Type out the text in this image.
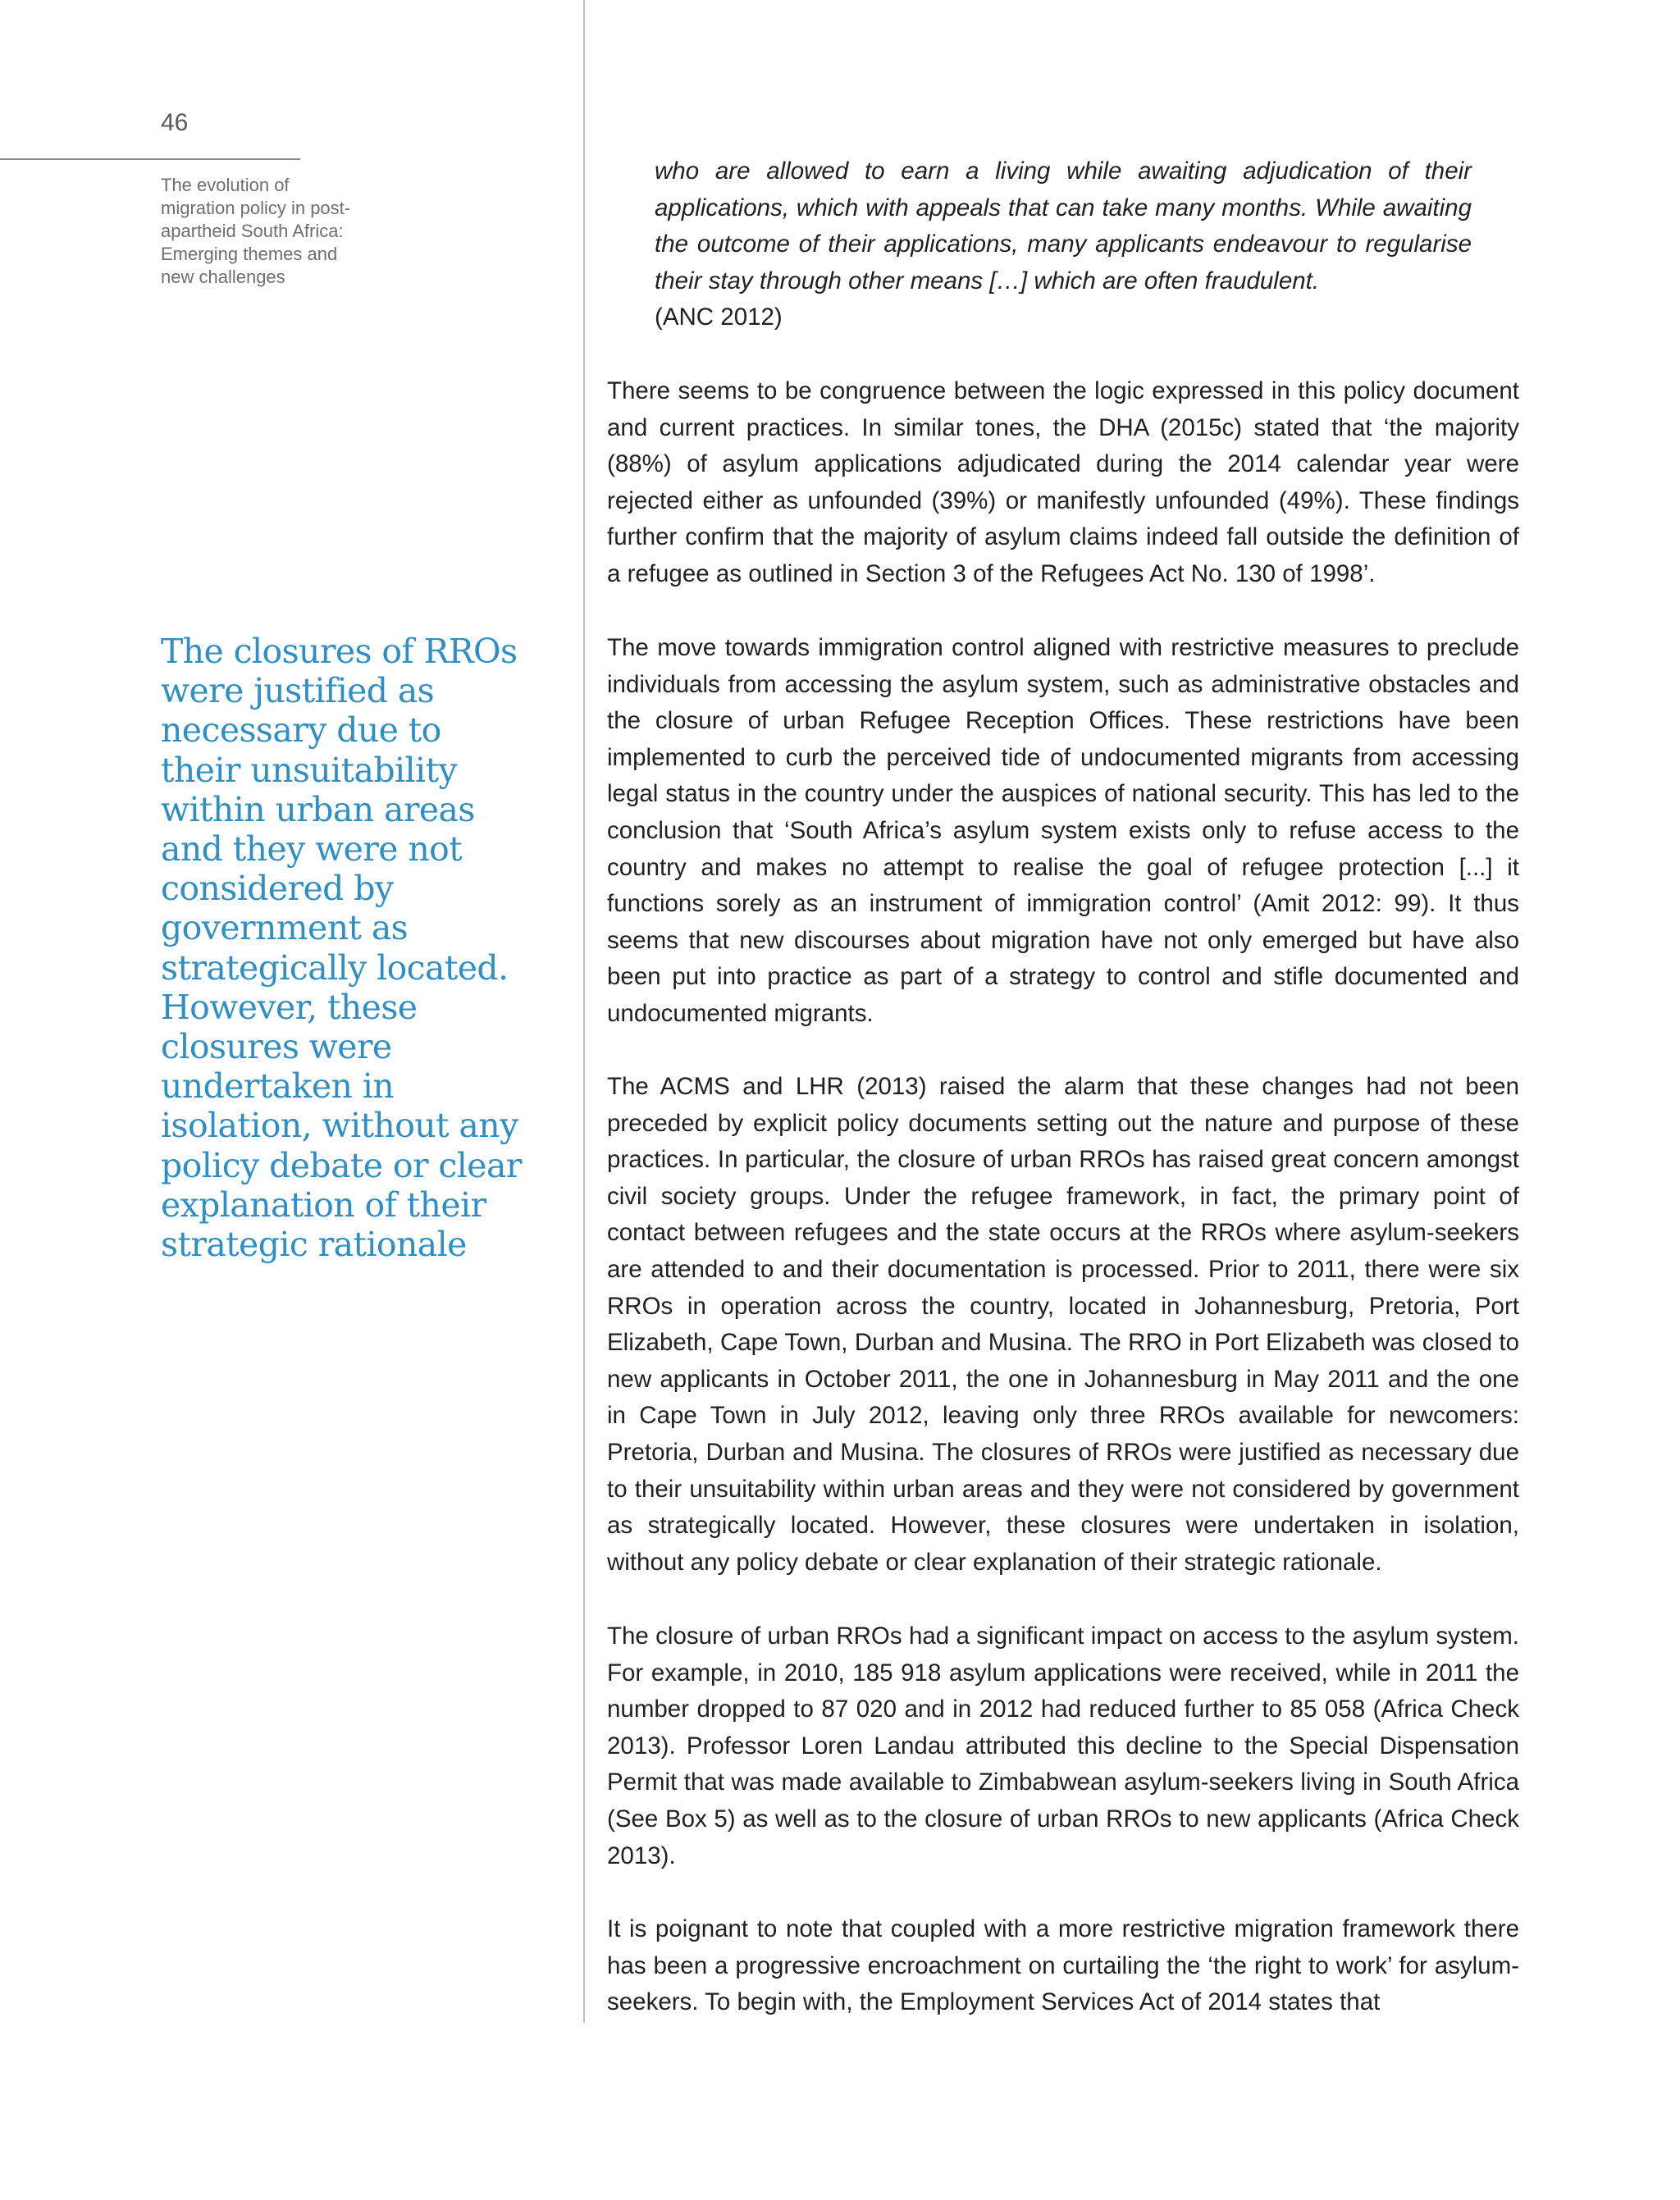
46
The evolution of migration policy in post-apartheid South Africa: Emerging themes and new challenges
The closures of RROs were justified as necessary due to their unsuitability within urban areas and they were not considered by government as strategically located. However, these closures were undertaken in isolation, without any policy debate or clear explanation of their strategic rationale
who are allowed to earn a living while awaiting adjudication of their applications, which with appeals that can take many months. While awaiting the outcome of their applications, many applicants endeavour to regularise their stay through other means […] which are often fraudulent.
(ANC 2012)

There seems to be congruence between the logic expressed in this policy document and current practices. In similar tones, the DHA (2015c) stated that ‘the majority (88%) of asylum applications adjudicated during the 2014 calendar year were rejected either as unfounded (39%) or manifestly unfounded (49%). These findings further confirm that the majority of asylum claims indeed fall outside the definition of a refugee as outlined in Section 3 of the Refugees Act No. 130 of 1998’.

The move towards immigration control aligned with restrictive measures to preclude individuals from accessing the asylum system, such as administrative obstacles and the closure of urban Refugee Reception Offices. These restrictions have been implemented to curb the perceived tide of undocumented migrants from accessing legal status in the country under the auspices of national security. This has led to the conclusion that ‘South Africa’s asylum system exists only to refuse access to the country and makes no attempt to realise the goal of refugee protection [...] it functions sorely as an instrument of immigration control’ (Amit 2012: 99). It thus seems that new discourses about migration have not only emerged but have also been put into practice as part of a strategy to control and stifle documented and undocumented migrants.

The ACMS and LHR (2013) raised the alarm that these changes had not been preceded by explicit policy documents setting out the nature and purpose of these practices. In particular, the closure of urban RROs has raised great concern amongst civil society groups. Under the refugee framework, in fact, the primary point of contact between refugees and the state occurs at the RROs where asylum-seekers are attended to and their documentation is processed. Prior to 2011, there were six RROs in operation across the country, located in Johannesburg, Pretoria, Port Elizabeth, Cape Town, Durban and Musina. The RRO in Port Elizabeth was closed to new applicants in October 2011, the one in Johannesburg in May 2011 and the one in Cape Town in July 2012, leaving only three RROs available for newcomers: Pretoria, Durban and Musina. The closures of RROs were justified as necessary due to their unsuitability within urban areas and they were not considered by government as strategically located. However, these closures were undertaken in isolation, without any policy debate or clear explanation of their strategic rationale.

The closure of urban RROs had a significant impact on access to the asylum system. For example, in 2010, 185 918 asylum applications were received, while in 2011 the number dropped to 87 020 and in 2012 had reduced further to 85 058 (Africa Check 2013). Professor Loren Landau attributed this decline to the Special Dispensation Permit that was made available to Zimbabwean asylum-seekers living in South Africa (See Box 5) as well as to the closure of urban RROs to new applicants (Africa Check 2013).

It is poignant to note that coupled with a more restrictive migration framework there has been a progressive encroachment on curtailing the ‘the right to work’ for asylum-seekers. To begin with, the Employment Services Act of 2014 states that
